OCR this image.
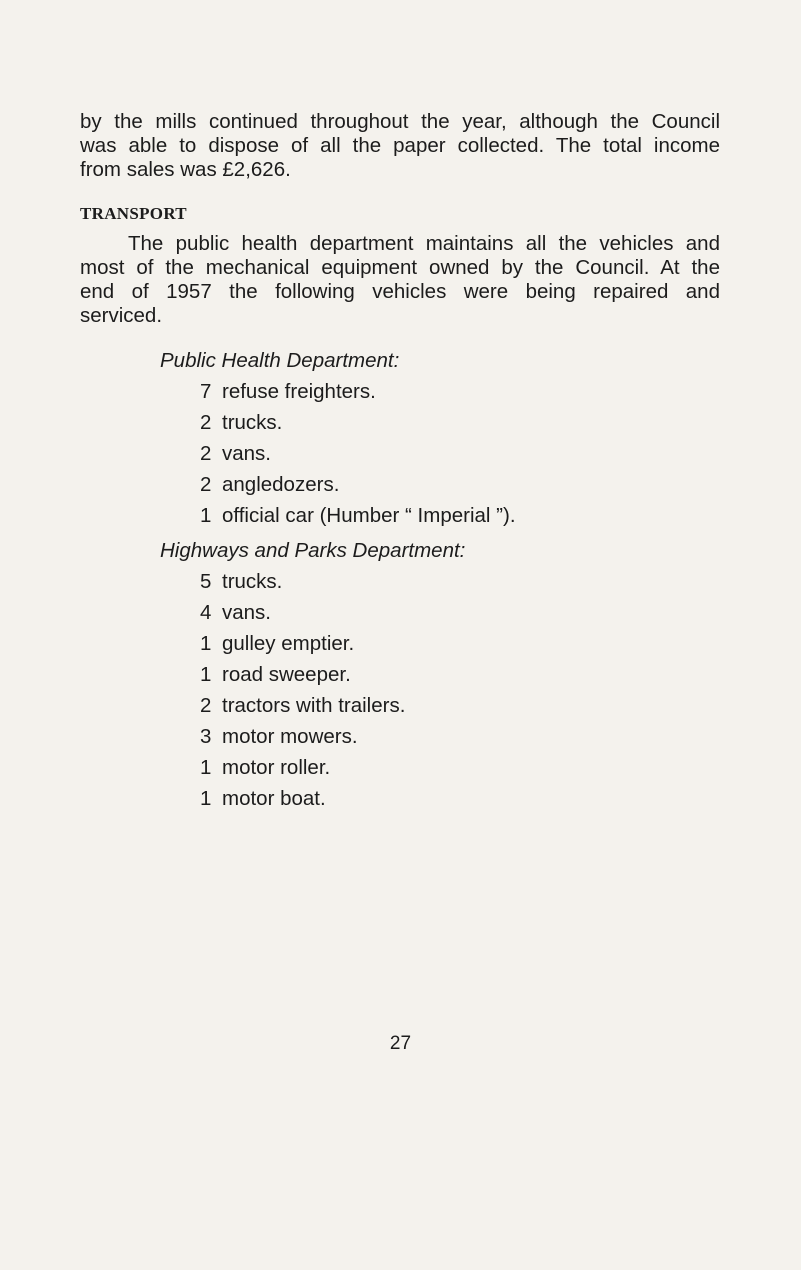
by the mills continued throughout the year, although the Council
was able to dispose of all the paper collected. The total income
from sales was £2,626.

TRANSPORT

The public health department maintains all the vehicles and
most of the mechanical equipment owned by the Council. At the
end of 1957 the following vehicles were being repaired and
serviced.

Public Health Department:

7 refuse freighters.
2 trucks.
2 vans.
2 angledozers.
1 official car (Humber “ Imperial ”).

Highways and Parks Department:

5 trucks.
4 vans.
1 gulley emptier.
1 road sweeper.
2 tractors with trailers.
3 motor mowers.
1 motor roller.
1 motor boat.

27
